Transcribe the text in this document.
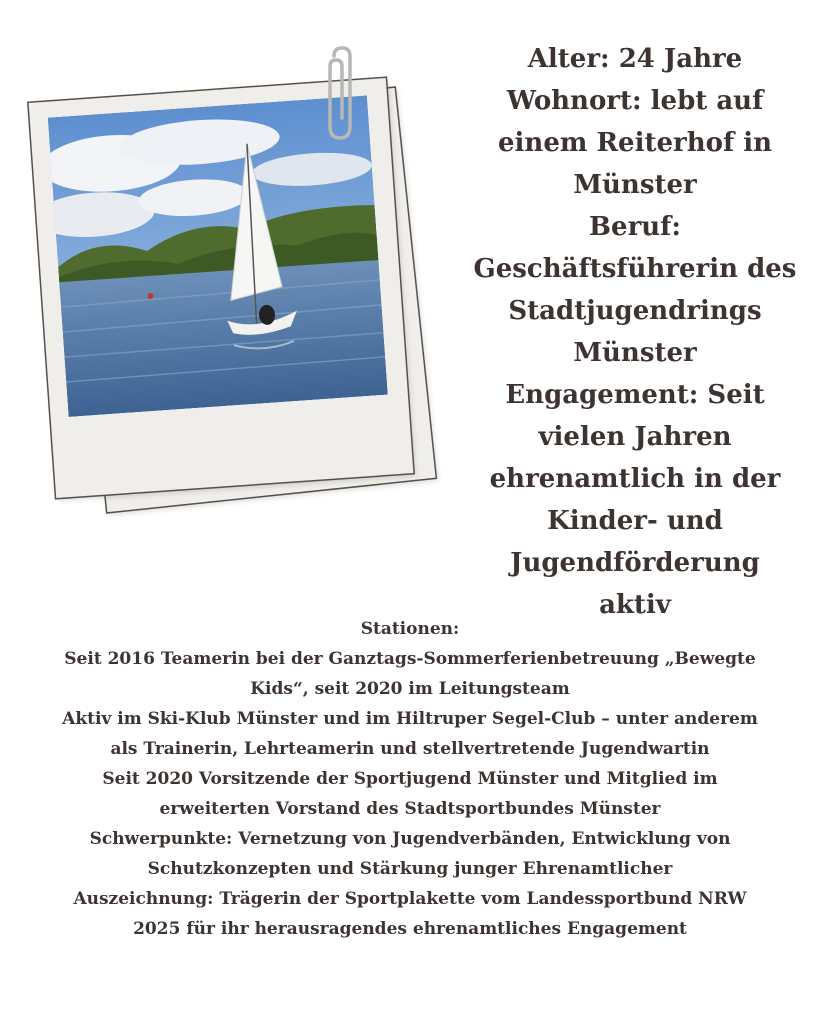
Alter: 24 Jahre
Wohnort: lebt auf einem Reiterhof in Münster
Beruf:
Geschäftsführerin des Stadtjugendrings Münster
Engagement: Seit vielen Jahren ehrenamtlich in der Kinder- und Jugendförderung aktiv
Stationen:
Seit 2016 Teamerin bei der Ganztags-Sommerferienbetreuung „Bewegte Kids“, seit 2020 im Leitungsteam
Aktiv im Ski-Klub Münster und im Hiltruper Segel-Club – unter anderem als Trainerin, Lehrteamerin und stellvertretende Jugendwartin
Seit 2020 Vorsitzende der Sportjugend Münster und Mitglied im erweiterten Vorstand des Stadtsportbundes Münster
Schwerpunkte: Vernetzung von Jugendverbänden, Entwicklung von Schutzkonzepten und Stärkung junger Ehrenamtlicher
Auszeichnung: Trägerin der Sportplakette vom Landessportbund NRW 2025 für ihr herausragendes ehrenamtliches Engagement
